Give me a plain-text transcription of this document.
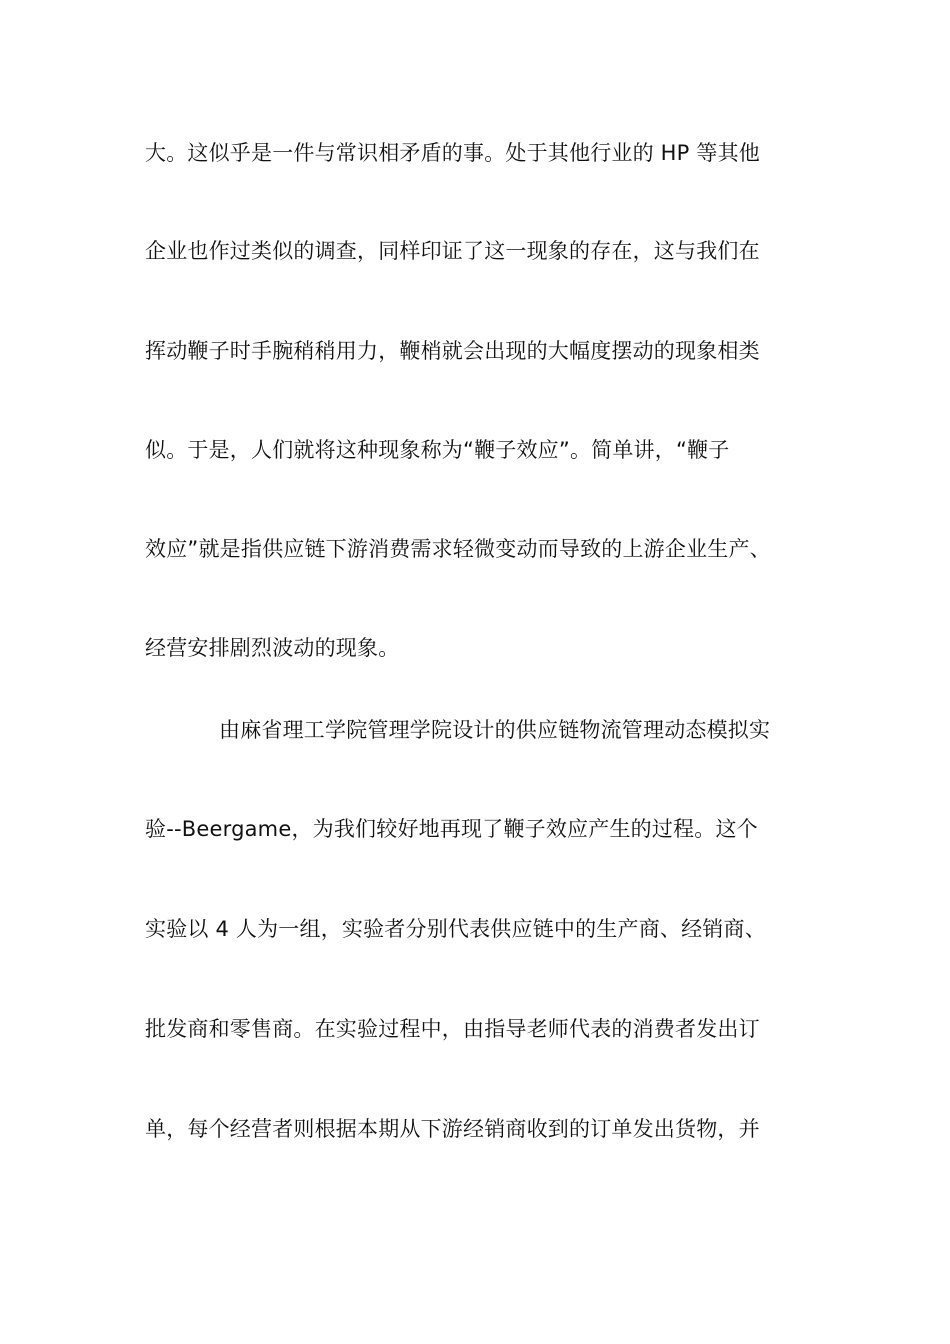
大。这似乎是一件与常识相矛盾的事。处于其他行业的 HP 等其他
企业也作过类似的调查，同样印证了这一现象的存在，这与我们在
挥动鞭子时手腕稍稍用力，鞭梢就会出现的大幅度摆动的现象相类
似。于是，人们就将这种现象称为“鞭子效应”。简单讲，“鞭子
效应”就是指供应链下游消费需求轻微变动而导致的上游企业生产、
经营安排剧烈波动的现象。
由麻省理工学院管理学院设计的供应链物流管理动态模拟实
验--Beergame，为我们较好地再现了鞭子效应产生的过程。这个
实验以 4 人为一组，实验者分别代表供应链中的生产商、经销商、
批发商和零售商。在实验过程中，由指导老师代表的消费者发出订
单，每个经营者则根据本期从下游经销商收到的订单发出货物，并
